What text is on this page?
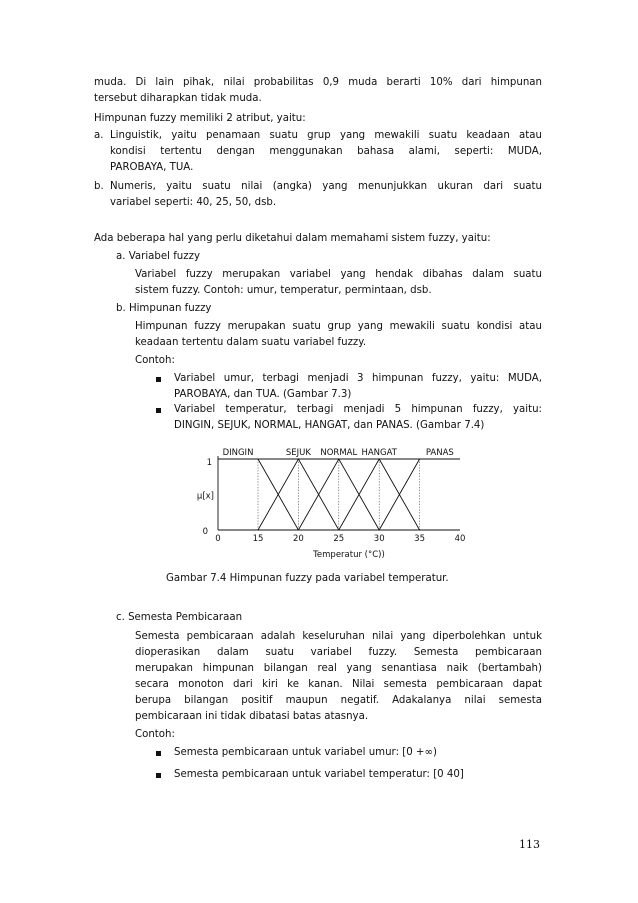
muda. Di lain pihak, nilai probabilitas 0,9 muda berarti 10% dari himpunan
tersebut diharapkan tidak muda.
Himpunan fuzzy memiliki 2 atribut, yaitu:
a. Linguistik, yaitu penamaan suatu grup yang mewakili suatu keadaan atau
kondisi tertentu dengan menggunakan bahasa alami, seperti: MUDA,
PAROBAYA, TUA.
b. Numeris, yaitu suatu nilai (angka) yang menunjukkan ukuran dari suatu
variabel seperti: 40, 25, 50, dsb.
Ada beberapa hal yang perlu diketahui dalam memahami sistem fuzzy, yaitu:
a. Variabel fuzzy
Variabel fuzzy merupakan variabel yang hendak dibahas dalam suatu
sistem fuzzy. Contoh: umur, temperatur, permintaan, dsb.
b. Himpunan fuzzy
Himpunan fuzzy merupakan suatu grup yang mewakili suatu kondisi atau
keadaan tertentu dalam suatu variabel fuzzy.
Contoh:
Variabel umur, terbagi menjadi 3 himpunan fuzzy, yaitu: MUDA,
PAROBAYA, dan TUA. (Gambar 7.3)
Variabel temperatur, terbagi menjadi 5 himpunan fuzzy, yaitu:
DINGIN, SEJUK, NORMAL, HANGAT, dan PANAS. (Gambar 7.4)
DINGIN	SEJUK NORMAL HANGAT	PANAS
0	15	20	25	30	35	40
1
0
μ[x]
Temperatur (°C))
Gambar 7.4 Himpunan fuzzy pada variabel temperatur.
c. Semesta Pembicaraan
Semesta pembicaraan adalah keseluruhan nilai yang diperbolehkan untuk
dioperasikan dalam suatu variabel fuzzy. Semesta pembicaraan
merupakan himpunan bilangan real yang senantiasa naik (bertambah)
secara monoton dari kiri ke kanan. Nilai semesta pembicaraan dapat
berupa bilangan positif maupun negatif. Adakalanya nilai semesta
pembicaraan ini tidak dibatasi batas atasnya.
Contoh:
Semesta pembicaraan untuk variabel umur: [0 +∞)
Semesta pembicaraan untuk variabel temperatur: [0 40]
113
